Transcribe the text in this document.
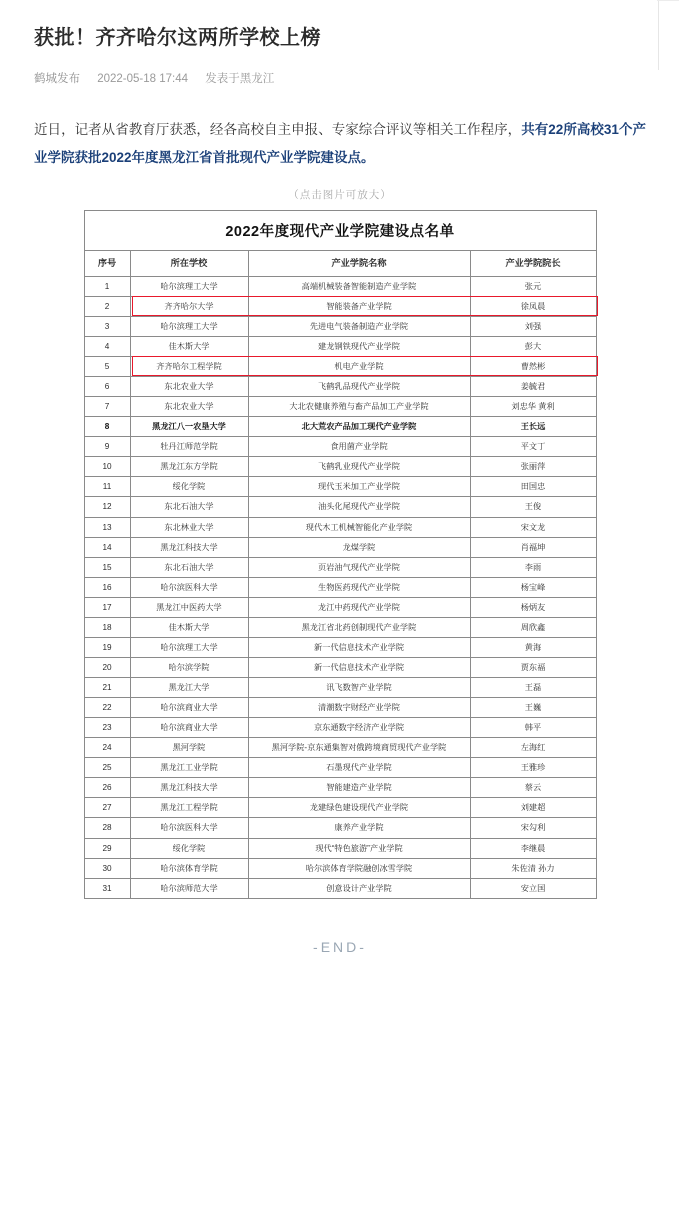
获批！齐齐哈尔这两所学校上榜
鹤城发布 2022-05-18 17:44 发表于黑龙江

近日，记者从省教育厅获悉，经各高校自主申报、专家综合评议等相关工作程序，共有22所高校31个产业学院获批2022年度黑龙江省首批现代产业学院建设点。

（点击图片可放大）
2022年度现代产业学院建设点名单
序号	所在学校	产业学院名称	产业学院院长
1	哈尔滨理工大学	高端机械装备智能制造产业学院	张元
2	齐齐哈尔大学	智能装备产业学院	徐凤晨
3	哈尔滨理工大学	先进电气装备制造产业学院	刘强
4	佳木斯大学	建龙钢铁现代产业学院	彭大
5	齐齐哈尔工程学院	机电产业学院	曹然彬
6	东北农业大学	飞鹤乳品现代产业学院	姜毓君
7	东北农业大学	大北农健康养殖与畜产品加工产业学院	刘忠华 黄利
8	黑龙江八一农垦大学	北大荒农产品加工现代产业学院	王长远
9	牡丹江师范学院	食用菌产业学院	平文丁
10	黑龙江东方学院	飞鹤乳业现代产业学院	张丽萍
11	绥化学院	现代玉米加工产业学院	田国忠
12	东北石油大学	油头化尾现代产业学院	王俊
13	东北林业大学	现代木工机械智能化产业学院	宋文龙
14	黑龙江科技大学	龙煤学院	肖福坤
15	东北石油大学	页岩油气现代产业学院	李雨
16	哈尔滨医科大学	生物医药现代产业学院	杨宝峰
17	黑龙江中医药大学	龙江中药现代产业学院	杨炳友
18	佳木斯大学	黑龙江省北药创制现代产业学院	周欣鑫
19	哈尔滨理工大学	新一代信息技术产业学院	黄海
20	哈尔滨学院	新一代信息技术产业学院	贾东福
21	黑龙江大学	讯飞数智产业学院	王磊
22	哈尔滨商业大学	清潮数字财经产业学院	王巍
23	哈尔滨商业大学	京东通数字经济产业学院	韩平
24	黑河学院	黑河学院-京东通集智对俄跨境商贸现代产业学院	左海红
25	黑龙江工业学院	石墨现代产业学院	王雅珍
26	黑龙江科技大学	智能建造产业学院	蔡云
27	黑龙江工程学院	龙建绿色建设现代产业学院	刘建超
28	哈尔滨医科大学	康养产业学院	宋勾利
29	绥化学院	现代“特色旅游”产业学院	李继晨
30	哈尔滨体育学院	哈尔滨体育学院融创冰雪学院	朱佐清 孙力
31	哈尔滨师范大学	创意设计产业学院	安立国
-END-
